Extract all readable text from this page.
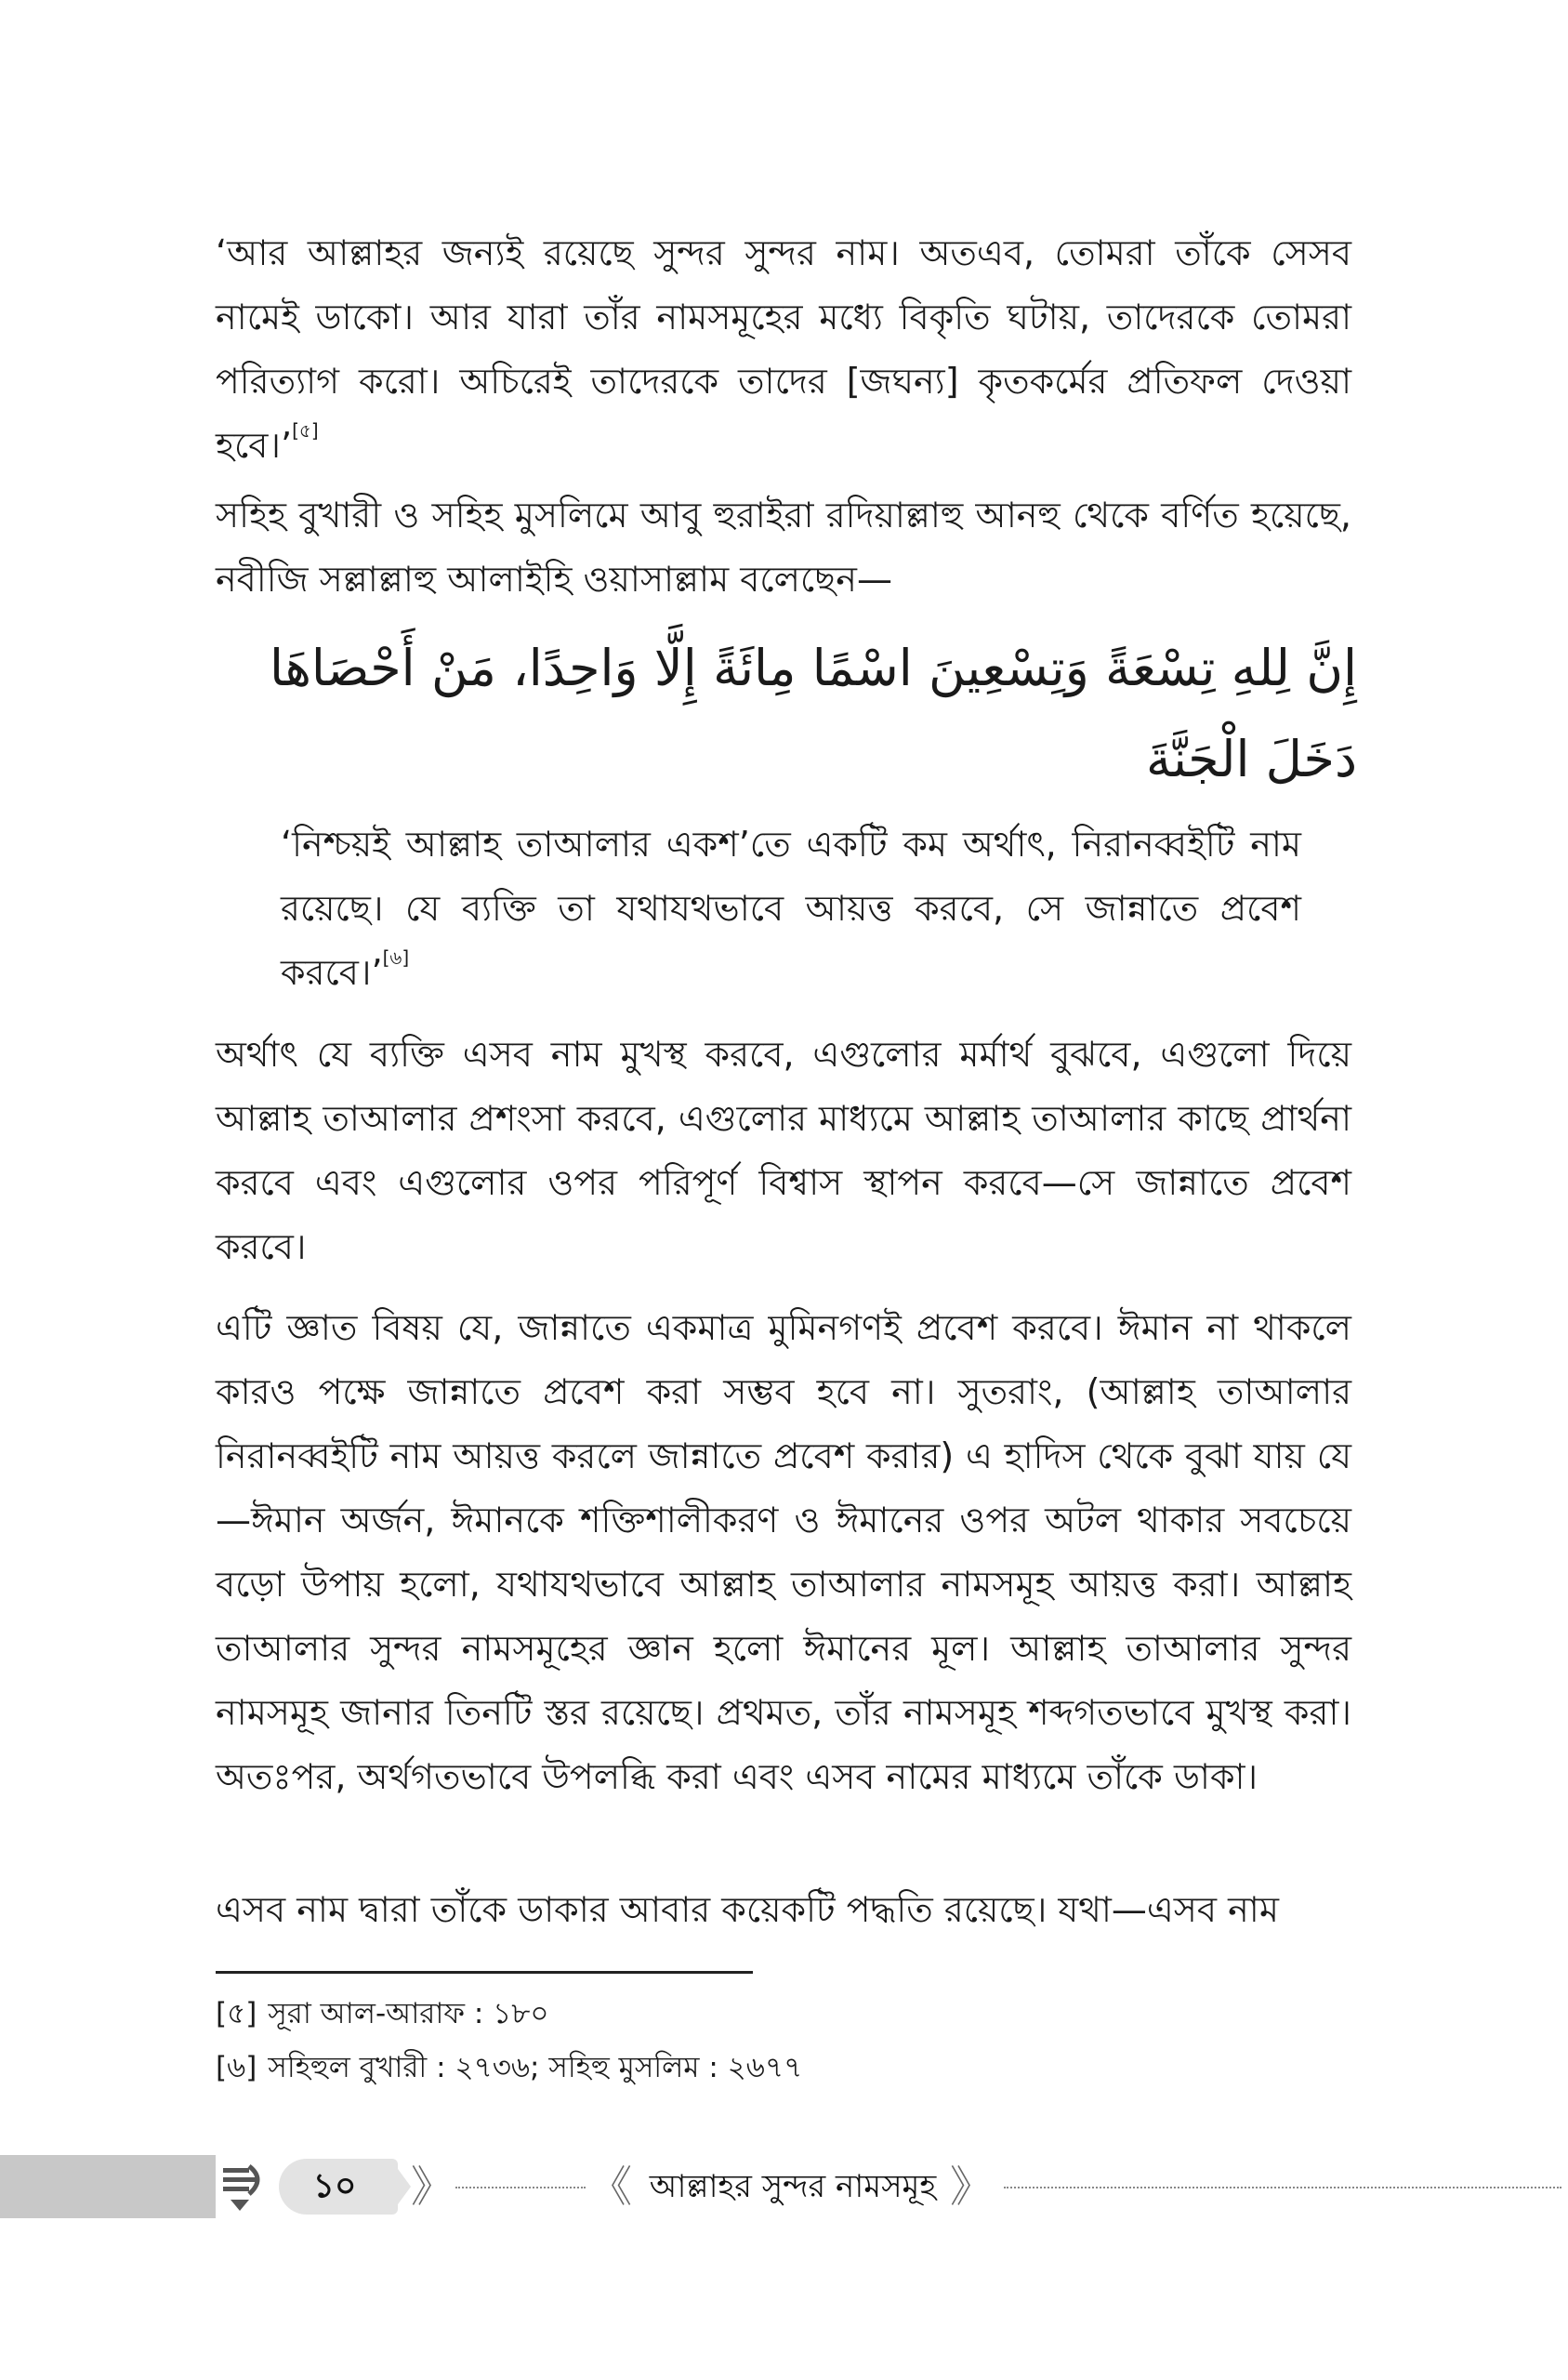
‘আর আল্লাহর জন্যই রয়েছে সুন্দর সুন্দর নাম। অতএব, তোমরা তাঁকে সেসব নামেই ডাকো। আর যারা তাঁর নামসমূহের মধ্যে বিকৃতি ঘটায়, তাদেরকে তোমরা পরিত্যাগ করো। অচিরেই তাদেরকে তাদের [জঘন্য] কৃতকর্মের প্রতিফল দেওয়া হবে।’[৫]
সহিহ বুখারী ও সহিহ মুসলিমে আবু হুরাইরা রদিয়াল্লাহু আনহু থেকে বর্ণিত হয়েছে, নবীজি সল্লাল্লাহু আলাইহি ওয়াসাল্লাম বলেছেন—
إِنَّ لِلهِ تِسْعَةً وَتِسْعِينَ اسْمًا مِائَةً إِلَّا وَاحِدًا، مَنْ أَحْصَاهَا دَخَلَ الْجَنَّةَ
‘নিশ্চয়ই আল্লাহ তাআলার একশ’তে একটি কম অর্থাৎ, নিরানব্বইটি নাম রয়েছে। যে ব্যক্তি তা যথাযথভাবে আয়ত্ত করবে, সে জান্নাতে প্রবেশ করবে।’[৬]
অর্থাৎ যে ব্যক্তি এসব নাম মুখস্থ করবে, এগুলোর মর্মার্থ বুঝবে, এগুলো দিয়ে আল্লাহ তাআলার প্রশংসা করবে, এগুলোর মাধ্যমে আল্লাহ তাআলার কাছে প্রার্থনা করবে এবং এগুলোর ওপর পরিপূর্ণ বিশ্বাস স্থাপন করবে—সে জান্নাতে প্রবেশ করবে।
এটি জ্ঞাত বিষয় যে, জান্নাতে একমাত্র মুমিনগণই প্রবেশ করবে। ঈমান না থাকলে কারও পক্ষে জান্নাতে প্রবেশ করা সম্ভব হবে না। সুতরাং, (আল্লাহ তাআলার নিরানব্বইটি নাম আয়ত্ত করলে জান্নাতে প্রবেশ করার) এ হাদিস থেকে বুঝা যায় যে—ঈমান অর্জন, ঈমানকে শক্তিশালীকরণ ও ঈমানের ওপর অটল থাকার সবচেয়ে বড়ো উপায় হলো, যথাযথভাবে আল্লাহ তাআলার নামসমূহ আয়ত্ত করা। আল্লাহ তাআলার সুন্দর নামসমূহের জ্ঞান হলো ঈমানের মূল। আল্লাহ তাআলার সুন্দর নামসমূহ জানার তিনটি স্তর রয়েছে। প্রথমত, তাঁর নামসমূহ শব্দগতভাবে মুখস্থ করা। অতঃপর, অর্থগতভাবে উপলব্ধি করা এবং এসব নামের মাধ্যমে তাঁকে ডাকা।
এসব নাম দ্বারা তাঁকে ডাকার আবার কয়েকটি পদ্ধতি রয়েছে। যথা—এসব নাম
[৫] সূরা আল-আরাফ : ১৮০
[৬] সহিহুল বুখারী : ২৭৩৬; সহিহু মুসলিম : ২৬৭৭
১০	》	《 আল্লাহর সুন্দর নামসমূহ 》
